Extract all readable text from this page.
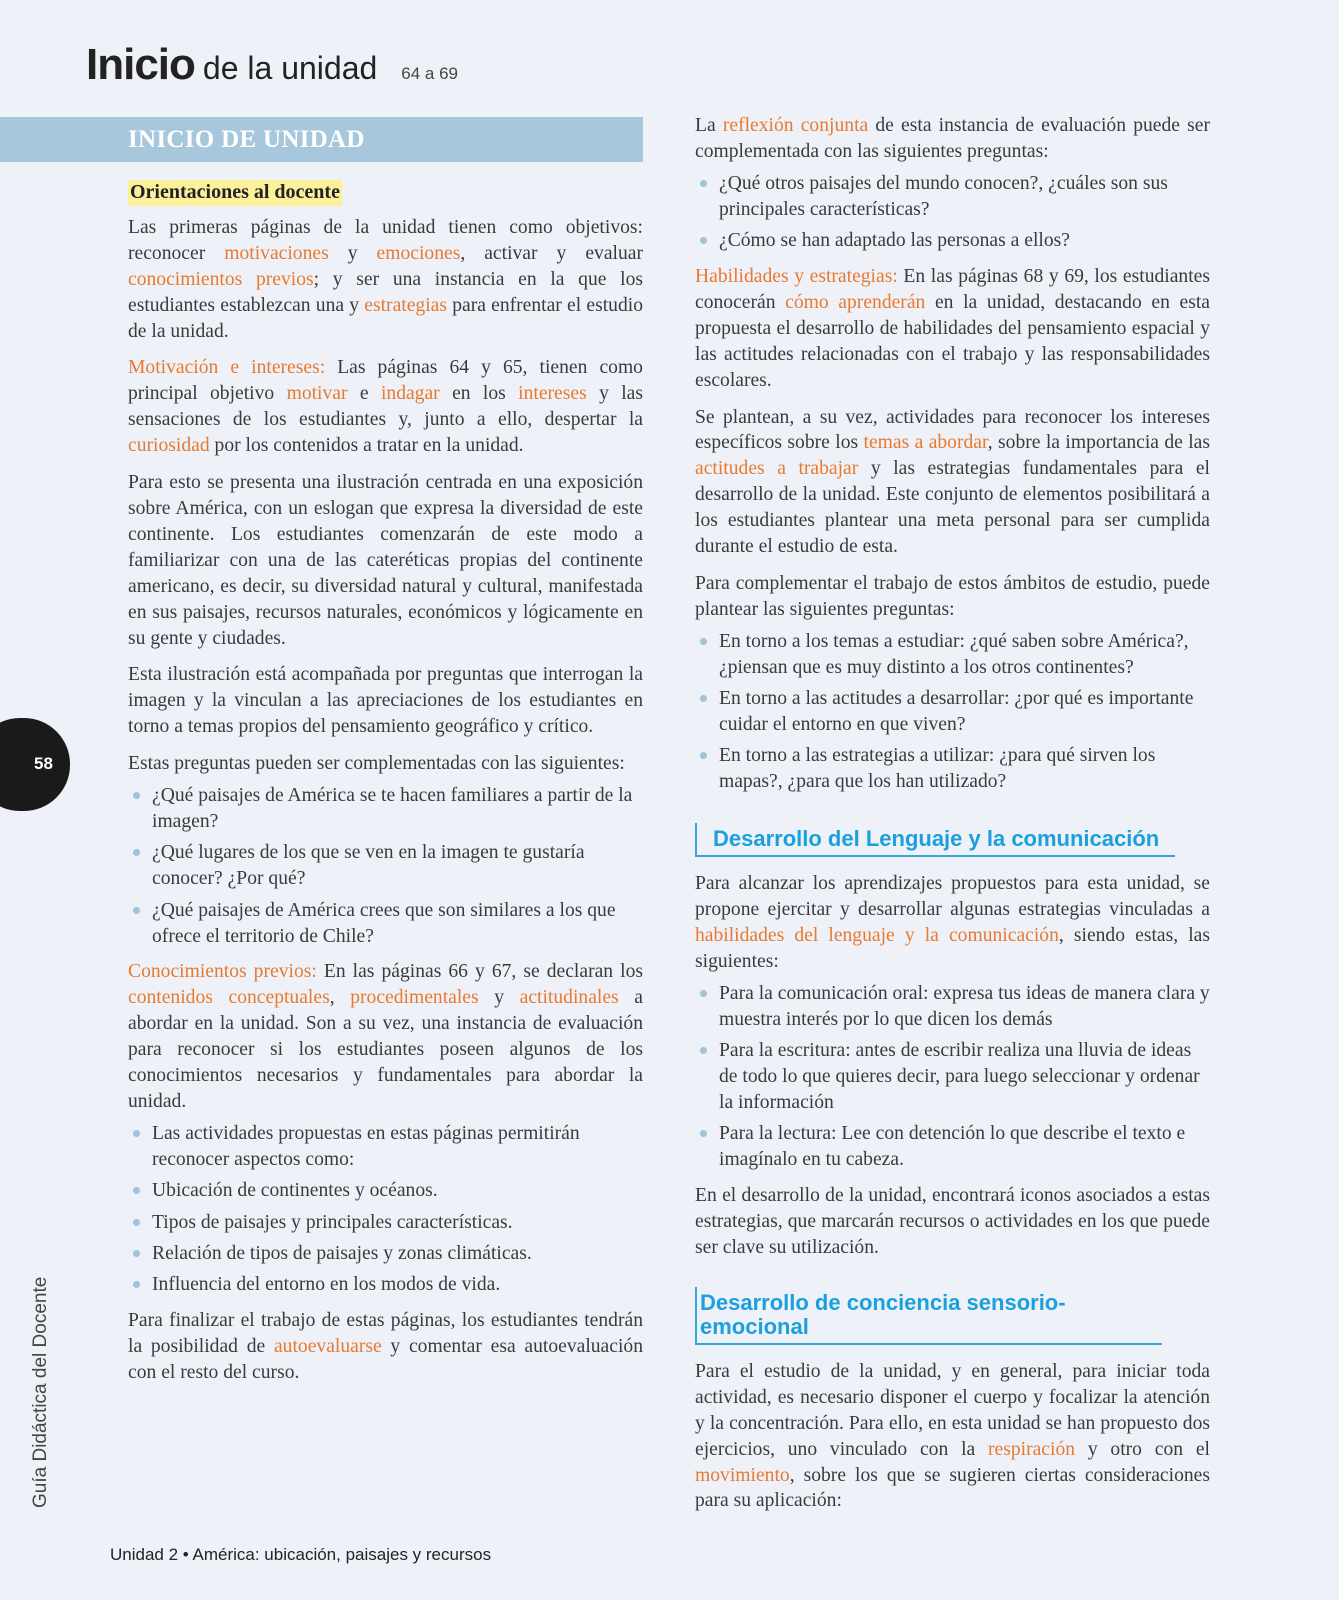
Inicio de la unidad 64 a 69
INICIO DE UNIDAD
Orientaciones al docente

Las primeras páginas de la unidad tienen como objetivos: reconocer motivaciones y emociones, activar y evaluar conocimientos previos; y ser una instancia en la que los estudiantes establezcan una y estrategias para enfrentar el estudio de la unidad.

Motivación e intereses: Las páginas 64 y 65, tienen como principal objetivo motivar e indagar en los intereses y las sensaciones de los estudiantes y, junto a ello, despertar la curiosidad por los contenidos a tratar en la unidad.

Para esto se presenta una ilustración centrada en una exposición sobre América, con un eslogan que expresa la diversidad de este continente. Los estudiantes comenzarán de este modo a familiarizar con una de las cateréticas propias del continente americano, es decir, su diversidad natural y cultural, manifestada en sus paisajes, recursos naturales, económicos y lógicamente en su gente y ciudades.

Esta ilustración está acompañada por preguntas que interrogan la imagen y la vinculan a las apreciaciones de los estudiantes en torno a temas propios del pensamiento geográfico y crítico.

Estas preguntas pueden ser complementadas con las siguientes:

¿Qué paisajes de América se te hacen familiares a partir de la imagen?
¿Qué lugares de los que se ven en la imagen te gustaría conocer? ¿Por qué?
¿Qué paisajes de América crees que son similares a los que ofrece el territorio de Chile?

Conocimientos previos: En las páginas 66 y 67, se declaran los contenidos conceptuales, procedimentales y actitudinales a abordar en la unidad. Son a su vez, una instancia de evaluación para reconocer si los estudiantes poseen algunos de los conocimientos necesarios y fundamentales para abordar la unidad.

Las actividades propuestas en estas páginas permitirán reconocer aspectos como:
Ubicación de continentes y océanos.
Tipos de paisajes y principales características.
Relación de tipos de paisajes y zonas climáticas.
Influencia del entorno en los modos de vida.

Para finalizar el trabajo de estas páginas, los estudiantes tendrán la posibilidad de autoevaluarse y comentar esa autoevaluación con el resto del curso.

La reflexión conjunta de esta instancia de evaluación puede ser complementada con las siguientes preguntas:

¿Qué otros paisajes del mundo conocen?, ¿cuáles son sus principales características?
¿Cómo se han adaptado las personas a ellos?

Habilidades y estrategias: En las páginas 68 y 69, los estudiantes conocerán cómo aprenderán en la unidad, destacando en esta propuesta el desarrollo de habilidades del pensamiento espacial y las actitudes relacionadas con el trabajo y las responsabilidades escolares.

Se plantean, a su vez, actividades para reconocer los intereses específicos sobre los temas a abordar, sobre la importancia de las actitudes a trabajar y las estrategias fundamentales para el desarrollo de la unidad. Este conjunto de elementos posibilitará a los estudiantes plantear una meta personal para ser cumplida durante el estudio de esta.

Para complementar el trabajo de estos ámbitos de estudio, puede plantear las siguientes preguntas:

En torno a los temas a estudiar: ¿qué saben sobre América?, ¿piensan que es muy distinto a los otros continentes?
En torno a las actitudes a desarrollar: ¿por qué es importante cuidar el entorno en que viven?
En torno a las estrategias a utilizar: ¿para qué sirven los mapas?, ¿para que los han utilizado?
Desarrollo del Lenguaje y la comunicación

Para alcanzar los aprendizajes propuestos para esta unidad, se propone ejercitar y desarrollar algunas estrategias vinculadas a habilidades del lenguaje y la comunicación, siendo estas, las siguientes:

Para la comunicación oral: expresa tus ideas de manera clara y muestra interés por lo que dicen los demás
Para la escritura: antes de escribir realiza una lluvia de ideas de todo lo que quieres decir, para luego seleccionar y ordenar la información
Para la lectura: Lee con detención lo que describe el texto e imagínalo en tu cabeza.

En el desarrollo de la unidad, encontrará iconos asociados a estas estrategias, que marcarán recursos o actividades en los que puede ser clave su utilización.

Desarrollo de conciencia sensorio-emocional

Para el estudio de la unidad, y en general, para iniciar toda actividad, es necesario disponer el cuerpo y focalizar la atención y la concentración. Para ello, en esta unidad se han propuesto dos ejercicios, uno vinculado con la respiración y otro con el movimiento, sobre los que se sugieren ciertas consideraciones para su aplicación:

58
Guía Didáctica del Docente
Unidad 2 • América: ubicación, paisajes y recursos
